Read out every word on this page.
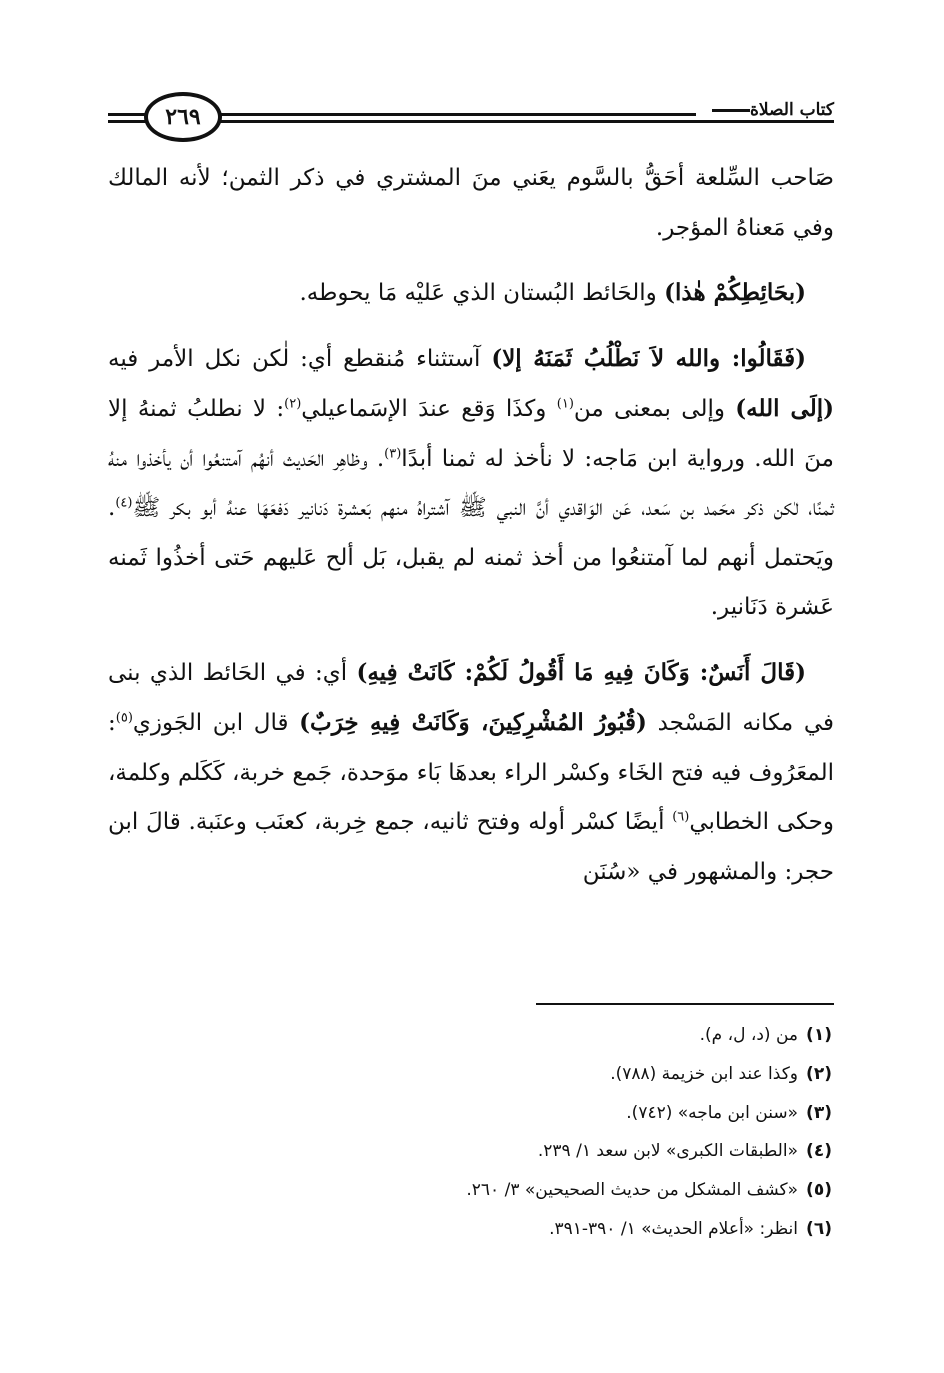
٢٦٩	كتاب الصلاة

صَاحب السِّلعة أحَقُّ بالسَّوم يعَني منَ المشتري في ذكر الثمن؛ لأنه المالك وفي مَعناهُ المؤجر.

(بحَائِطِكُمْ هٰذا) والحَائط البُستان الذي عَليْه مَا يحوطه.

(فَقَالُوا: والله لاَ نَطْلُبُ ثَمَنَهُ إلا) آستثناء مُنقطع أي: لٰكن نكل الأمر فيه (إلَى الله) وإلى بمعنى من$^{(١)}$ وكذَا وَقع عندَ الإسَماعيلي$^{(٢)}$: لا نطلبُ ثمنهُ إلا منَ الله. ورواية ابن مَاجه: لا نأخذ له ثمنا أبدًا$^{(٣)}$. وظاهِر الحَديث أنهُم آمتنعُوا أن يأخذوا منهُ ثمنًا، لٰكن ذكر محَمد بن سَعد، عَن الوَاقدي أنَّ النبي ﷺ آشتراهُ منهم بَعشرة دَنانير دَفعَهَا عنهُ أبو بكر ﷺ$^{(٤)}$. ويَحتمل أنهم لما آمتنعُوا من أخذ ثمنه لم يقبل، بَل ألح عَليهم حَتى أخذُوا ثَمنه عَشرة دَنَانير.

(قَالَ أَنَسٌ: وَكَانَ فِيهِ مَا أَقُولُ لَكُمْ: كَانَتْ فِيهِ) أي: في الحَائط الذي بنى في مكانه المَسْجد (قُبُورُ المُشْرِكِينَ، وَكَانَتْ فِيهِ خِرَبٌ) قال ابن الجَوزي$^{(٥)}$: المعَرُوف فيه فتح الخَاء وكسْر الراء بعدهَا بَاء موَحدة، جَمع خربة، كَكَلم وكلمة، وحكى الخطابي$^{(٦)}$ أيضًا كسْر أوله وفتح ثانيه، جمع خِربة، كعنَب وعنَبة. قالَ ابن حجر: والمشهور في «سُنَن

(١)من (د، ل، م).
(٢)وكذا عند ابن خزيمة (٧٨٨).
(٣)«سنن ابن ماجه» (٧٤٢).
(٤)«الطبقات الكبرى» لابن سعد ١/ ٢٣٩.
(٥)«كشف المشكل من حديث الصحيحين» ٣/ ٢٦٠.
(٦)انظر: «أعلام الحديث» ١/ ٣٩٠-٣٩١.
